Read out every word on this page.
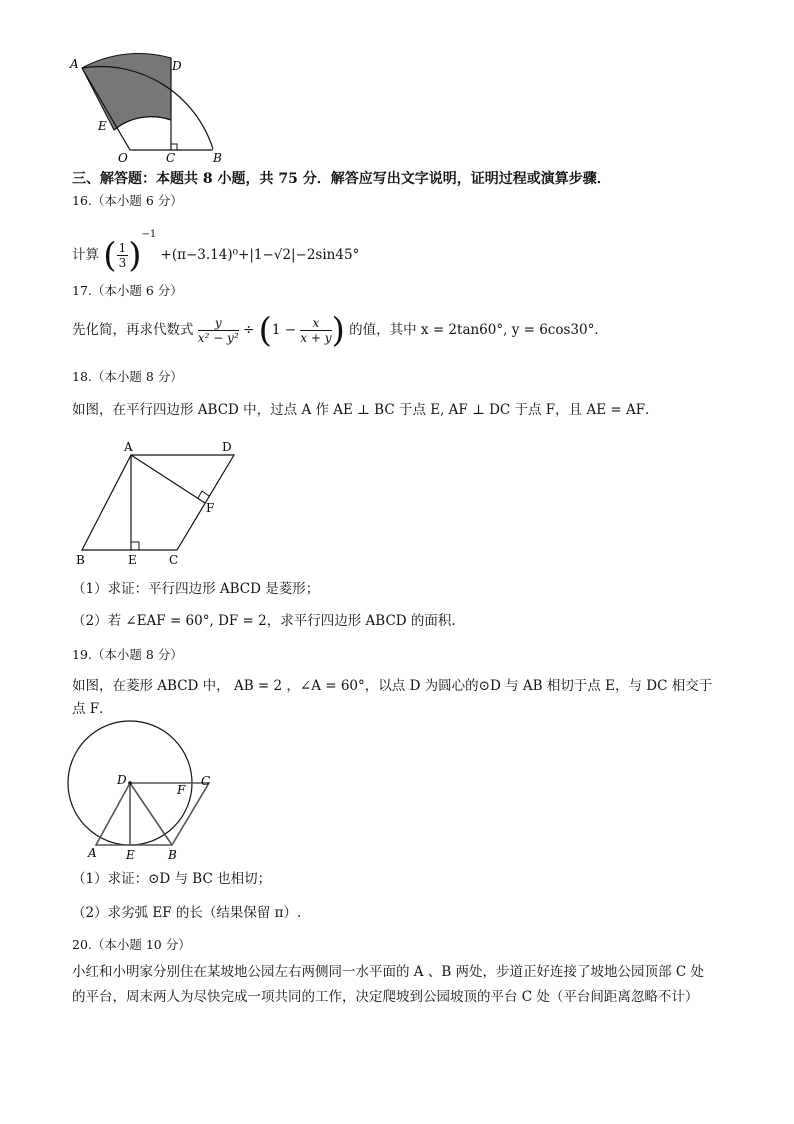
A	D
E
O	C	B
三、解答题：本题共 8 小题，共 75 分．解答应写出文字说明，证明过程或演算步骤．
16.（本小题 6 分）
计算 ( $\frac{1}{3} )^{-1} +(\pi-3.14)^0+|1-√2|-2\sin 45^\circ$
17.（本小题 6 分）
先化简，再求代数式 $\frac{y}{\text{x² − y²}} \div (1 - \frac{x}{x + y}$ ) 的值，其中 x = 2tan60°, y = 6cos30°．
18.（本小题 8 分）
如图，在平行四边形 ABCD 中，过点 A 作 AE ⊥ BC 于点 E, AF ⊥ DC 于点 F，且 AE = AF．
A	D
F
B	E	C
（1）求证：平行四边形 ABCD 是菱形；
（2）若 ∠EAF = 60°, DF = 2，求平行四边形 ABCD 的面积.
19.（本小题 8 分）
如图，在菱形 ABCD 中， AB = 2 ，∠A = 60°，以点 D 为圆心的⊙D 与 AB 相切于点 E，与 DC 相交于
点 F．
D	C
F
A E	B
（1）求证：⊙D 与 BC 也相切；
（2）求劣弧 EF 的长（结果保留 π）.
20.（本小题 10 分）
小红和小明家分别住在某坡地公园左右两侧同一水平面的 A 、B 两处，步道正好连接了坡地公园顶部 C 处
的平台，周末两人为尽快完成一项共同的工作，决定爬坡到公园坡顶的平台 C 处（平台间距离忽略不计）
